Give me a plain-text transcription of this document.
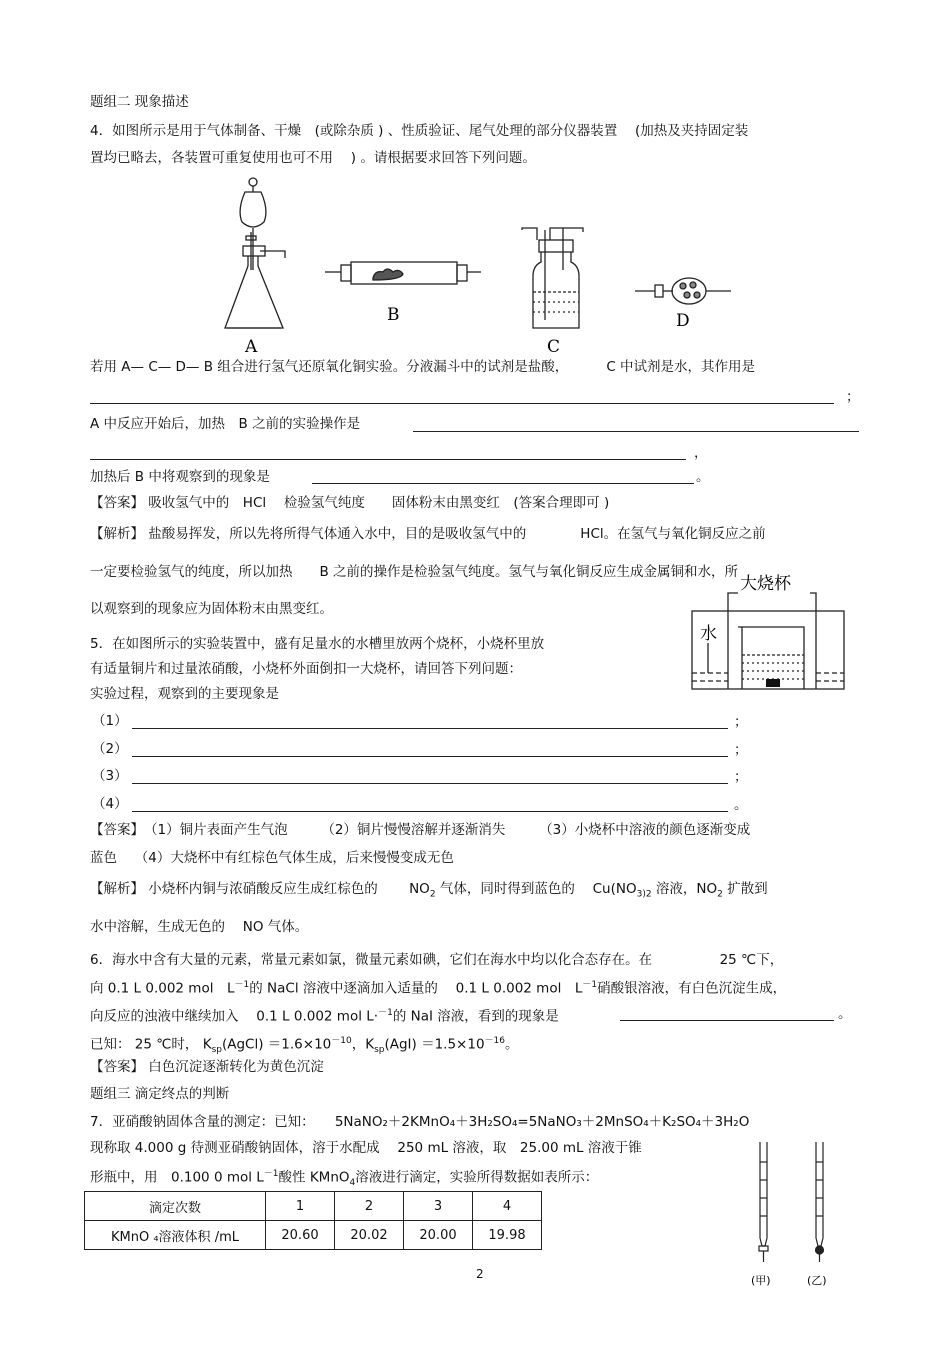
题组二 现象描述
4．如图所示是用于气体制备、干燥　(或除杂质 ) 、性质验证、尾气处理的部分仪器装置　 (加热及夹持固定装
置均已略去，各装置可重复使用也可不用　 ) 。请根据要求回答下列问题。
A
B
C
D
若用 A— C— D— B 组合进行氢气还原氧化铜实验。分液漏斗中的试剂是盐酸，　　　 C 中试剂是水，其作用是
；
A 中反应开始后，加热　B 之前的实验操作是
，
加热后 B 中将观察到的现象是	。
【答案】 吸收氢气中的　HCl　 检验氢气纯度　　固体粉末由黑变红　(答案合理即可 )
【解析】 盐酸易挥发，所以先将所得气体通入水中，目的是吸收氢气中的　　　　HCl。在氢气与氧化铜反应之前
一定要检验氢气的纯度，所以加热　　B 之前的操作是检验氢气纯度。氢气与氧化铜反应生成金属铜和水，所
以观察到的现象应为固体粉末由黑变红。
大烧杯
水
5．在如图所示的实验装置中，盛有足量水的水槽里放两个烧杯，小烧杯里放
有适量铜片和过量浓硝酸，小烧杯外面倒扣一大烧杯，请回答下列问题：
实验过程，观察到的主要现象是
（1）	；
（2）	；
（3）	；
（4）	。
【答案】　（1）铜片表面产生气泡　　　（2）铜片慢慢溶解并逐渐消失　　　（3）小烧杯中溶液的颜色逐渐变成
蓝色　 （4）大烧杯中有红棕色气体生成，后来慢慢变成无色
【解析】 小烧杯内铜与浓硝酸反应生成红棕色的　　 $NO_2$ 气体，同时得到蓝色的　 $Cu(NO_{3)2}$ 溶液，$NO_2$ 扩散到
水中溶解，生成无色的　 NO 气体。
6．海水中含有大量的元素，常量元素如氯，微量元素如碘，它们在海水中均以化合态存在。在　　　　　25 ℃下，
向 0.1 L 0.002 mol　$L^{-1}$的 NaCl 溶液中逐滴加入适量的　 0.1 L 0.002 mol　$L^{-1}$硝酸银溶液，有白色沉淀生成，
向反应的浊液中继续加入　 0.1 L 0.002 mol L·$^{-1}$的 NaI 溶液，看到的现象是	。
已知： 25 ℃时， $K_{sp}(AgCl) =1.6\times 10^{-10}$，$K_{sp}(AgI) =1.5\times 10^{-16}$。
【答案】 白色沉淀逐渐转化为黄色沉淀
题组三 滴定终点的判断
7．亚硝酸钠固体含量的测定：已知：　　5NaNO₂＋2KMnO₄＋3H₂SO₄=5NaNO₃＋2MnSO₄＋K₂SO₄＋3H₂O
现称取 4.000 g 待测亚硝酸钠固体，溶于水配成　 250 mL 溶液，取　25.00 mL 溶液于锥
形瓶中，用　0.100 0 mol $L^{-1}$酸性 KMnO$_4$溶液进行滴定，实验所得数据如表所示：
滴定次数	1	2	3	4
KMnO ₄溶液体积 /mL	20.60	20.02	20.00	19.98
(甲)	(乙)
2
